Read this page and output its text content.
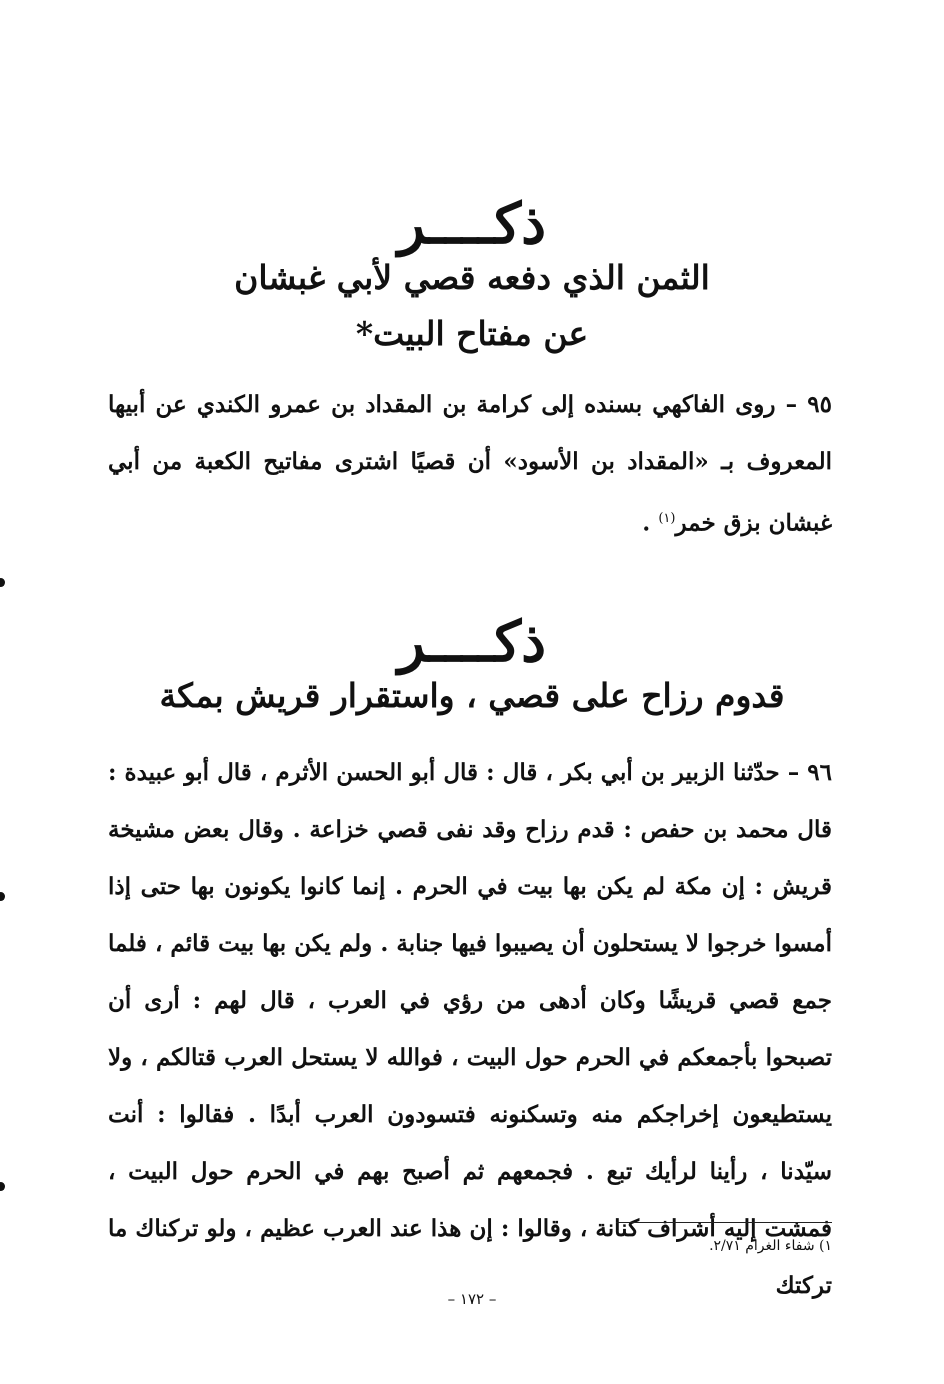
ذكــــر
الثمن الذي دفعه قصي لأبي غبشان
عن مفتاح البيت*
٩٥ – روى الفاكهي بسنده إلى كرامة بن المقداد بن عمرو الكندي عن أبيها المعروف بـ «المقداد بن الأسود» أن قصيًا اشترى مفاتيح الكعبة من أبي غبشان بزق خمر$^{(١)}$ .
ذكــــر
قدوم رزاح على قصي ، واستقرار قريش بمكة
٩٦ – حدّثنا الزبير بن أبي بكر ، قال : قال أبو الحسن الأثرم ، قال أبو عبيدة : قال محمد بن حفص : قدم رزاح وقد نفى قصي خزاعة . وقال بعض مشيخة قريش : إن مكة لم يكن بها بيت في الحرم . إنما كانوا يكونون بها حتى إذا أمسوا خرجوا لا يستحلون أن يصيبوا فيها جنابة . ولم يكن بها بيت قائم ، فلما جمع قصي قريشًا وكان أدهى من رؤي في العرب ، قال لهم : أرى أن تصبحوا بأجمعكم في الحرم حول البيت ، فوالله لا يستحل العرب قتالكم ، ولا يستطيعون إخراجكم منه وتسكنونه فتسودون العرب أبدًا . فقالوا : أنت سيّدنا ، رأينا لرأيك تبع . فجمعهم ثم أصبح بهم في الحرم حول البيت ، فمشت إليه أشراف كنانة ، وقالوا : إن هذا عند العرب عظيم ، ولو تركناك ما تركتك
١) شفاء الغرام ٢/٧١.
– ١٧٢ –
